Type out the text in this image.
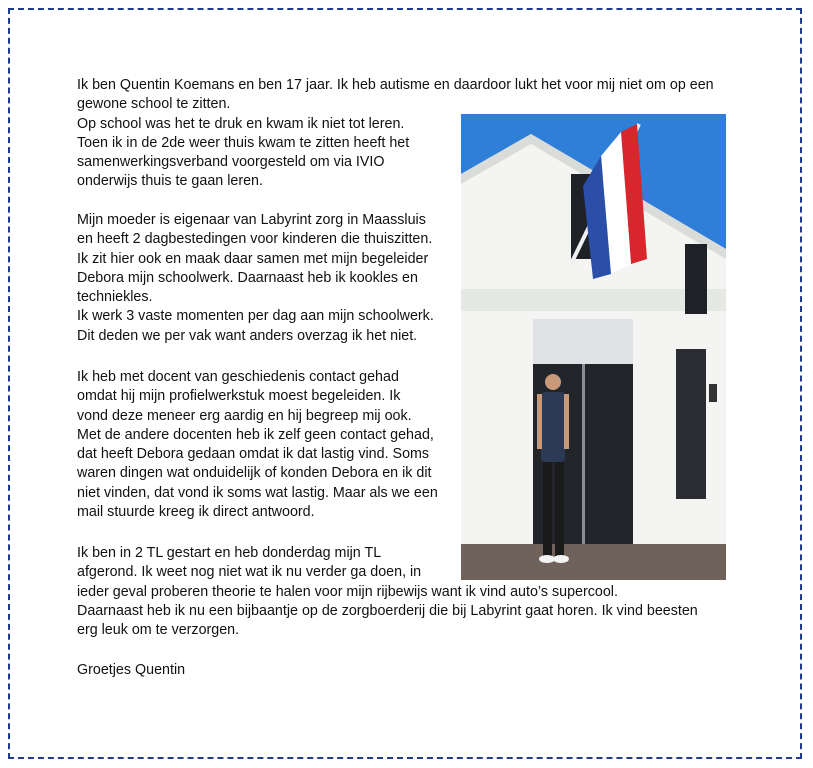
Ik ben Quentin Koemans en ben 17 jaar. Ik heb autisme en daardoor lukt het voor mij niet om op een
gewone school te zitten.
Op school was het te druk en kwam ik niet tot leren.
Toen ik in de 2de weer thuis kwam te zitten heeft het
samenwerkingsverband voorgesteld om via IVIO
onderwijs thuis te gaan leren.
Mijn moeder is eigenaar van Labyrint zorg in Maassluis
en heeft 2 dagbestedingen voor kinderen die thuiszitten.
Ik zit hier ook en maak daar samen met mijn begeleider
Debora mijn schoolwerk. Daarnaast heb ik kookles en
techniekles.
Ik werk 3 vaste momenten per dag aan mijn schoolwerk.
Dit deden we per vak want anders overzag ik het niet.
Ik heb met docent van geschiedenis contact gehad
omdat hij mijn profielwerkstuk moest begeleiden. Ik
vond deze meneer erg aardig en hij begreep mij ook.
Met de andere docenten heb ik zelf geen contact gehad,
dat heeft Debora gedaan omdat ik dat lastig vind. Soms
waren dingen wat onduidelijk of konden Debora en ik dit
niet vinden, dat vond ik soms wat lastig. Maar als we een
mail stuurde kreeg ik direct antwoord.
Ik ben in 2 TL gestart en heb donderdag mijn TL
afgerond. Ik weet nog niet wat ik nu verder ga doen, in
ieder geval proberen theorie te halen voor mijn rijbewijs want ik vind auto’s supercool.
Daarnaast heb ik nu een bijbaantje op de zorgboerderij die bij Labyrint gaat horen. Ik vind beesten
erg leuk om te verzorgen.
Groetjes Quentin
